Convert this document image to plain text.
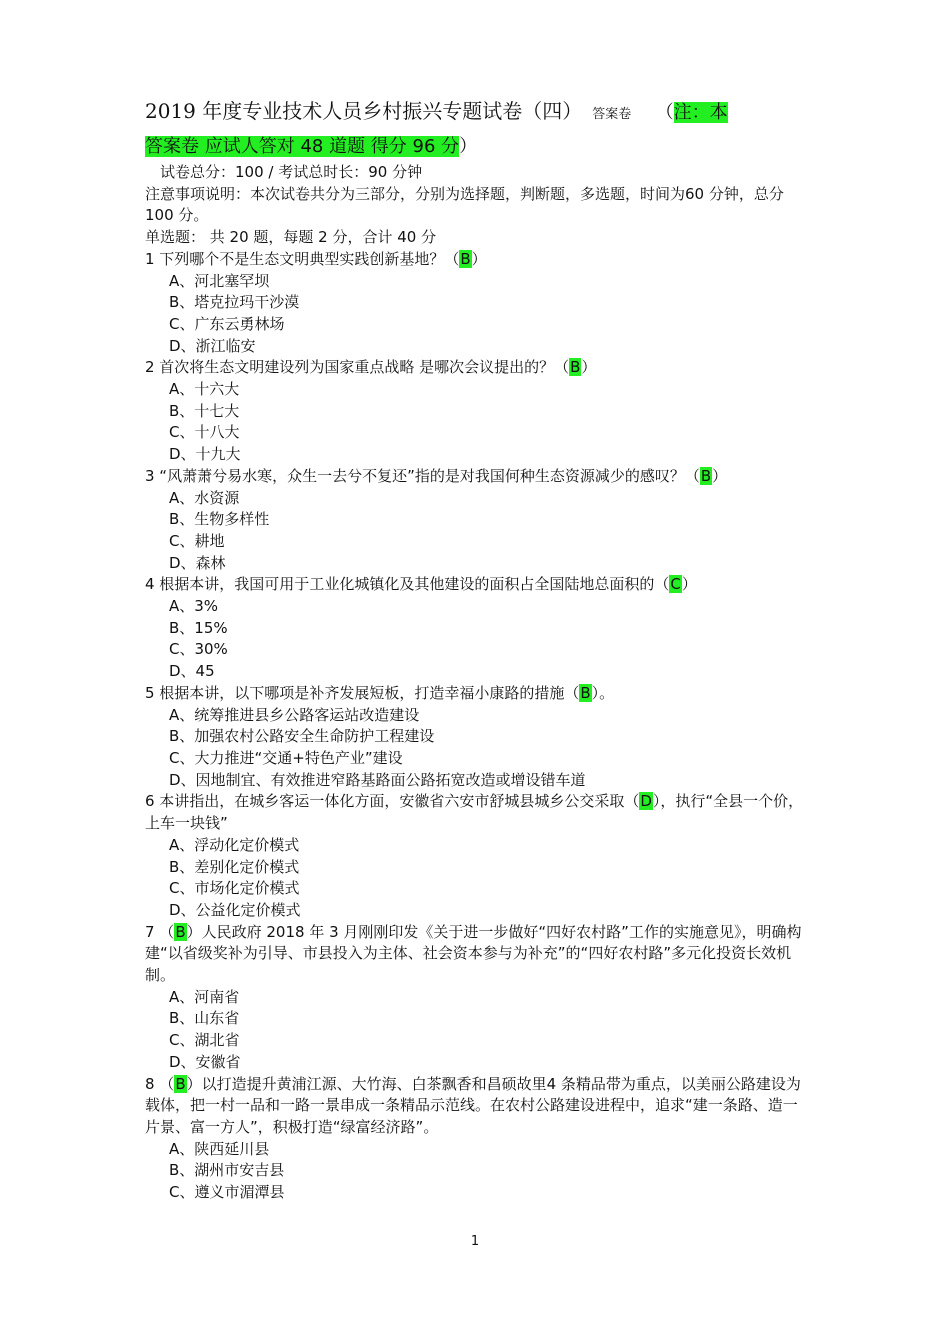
2019 年度专业技术人员乡村振兴专题试卷（四） 答案卷 （注：本
答案卷 应试人答对 48 道题 得分 96 分）
试卷总分：100 / 考试总时长：90 分钟
注意事项说明：本次试卷共分为三部分，分别为选择题，判断题，多选题，时间为60 分钟，总分 100 分。
单选题： 共 20 题，每题 2 分，合计 40 分
1 下列哪个不是生态文明典型实践创新基地？（B）
A、河北塞罕坝
B、塔克拉玛干沙漠
C、广东云勇林场
D、浙江临安
2 首次将生态文明建设列为国家重点战略 是哪次会议提出的？（B）
A、十六大
B、十七大
C、十八大
D、十九大
3 “风萧萧兮易水寒，众生一去兮不复还”指的是对我国何种生态资源减少的感叹？（B）
A、水资源
B、生物多样性
C、耕地
D、森林
4 根据本讲，我国可用于工业化城镇化及其他建设的面积占全国陆地总面积的（C）
A、3%
B、15%
C、30%
D、45
5 根据本讲，以下哪项是补齐发展短板，打造幸福小康路的措施（B）。
A、统筹推进县乡公路客运站改造建设
B、加强农村公路安全生命防护工程建设
C、大力推进“交通+特色产业”建设
D、因地制宜、有效推进窄路基路面公路拓宽改造或增设错车道
6 本讲指出，在城乡客运一体化方面，安徽省六安市舒城县城乡公交采取（D），执行“全县一个价，上车一块钱”
A、浮动化定价模式
B、差别化定价模式
C、市场化定价模式
D、公益化定价模式
7 （B）人民政府 2018 年 3 月刚刚印发《关于进一步做好“四好农村路”工作的实施意见》，明确构建“以省级奖补为引导、市县投入为主体、社会资本参与为补充”的“四好农村路”多元化投资长效机制。
A、河南省
B、山东省
C、湖北省
D、安徽省
8 （B）以打造提升黄浦江源、大竹海、白茶飘香和昌硕故里4 条精品带为重点，以美丽公路建设为载体，把一村一品和一路一景串成一条精品示范线。在农村公路建设进程中，追求“建一条路、造一片景、富一方人”，积极打造“绿富经济路”。
A、陕西延川县
B、湖州市安吉县
C、遵义市湄潭县
1
